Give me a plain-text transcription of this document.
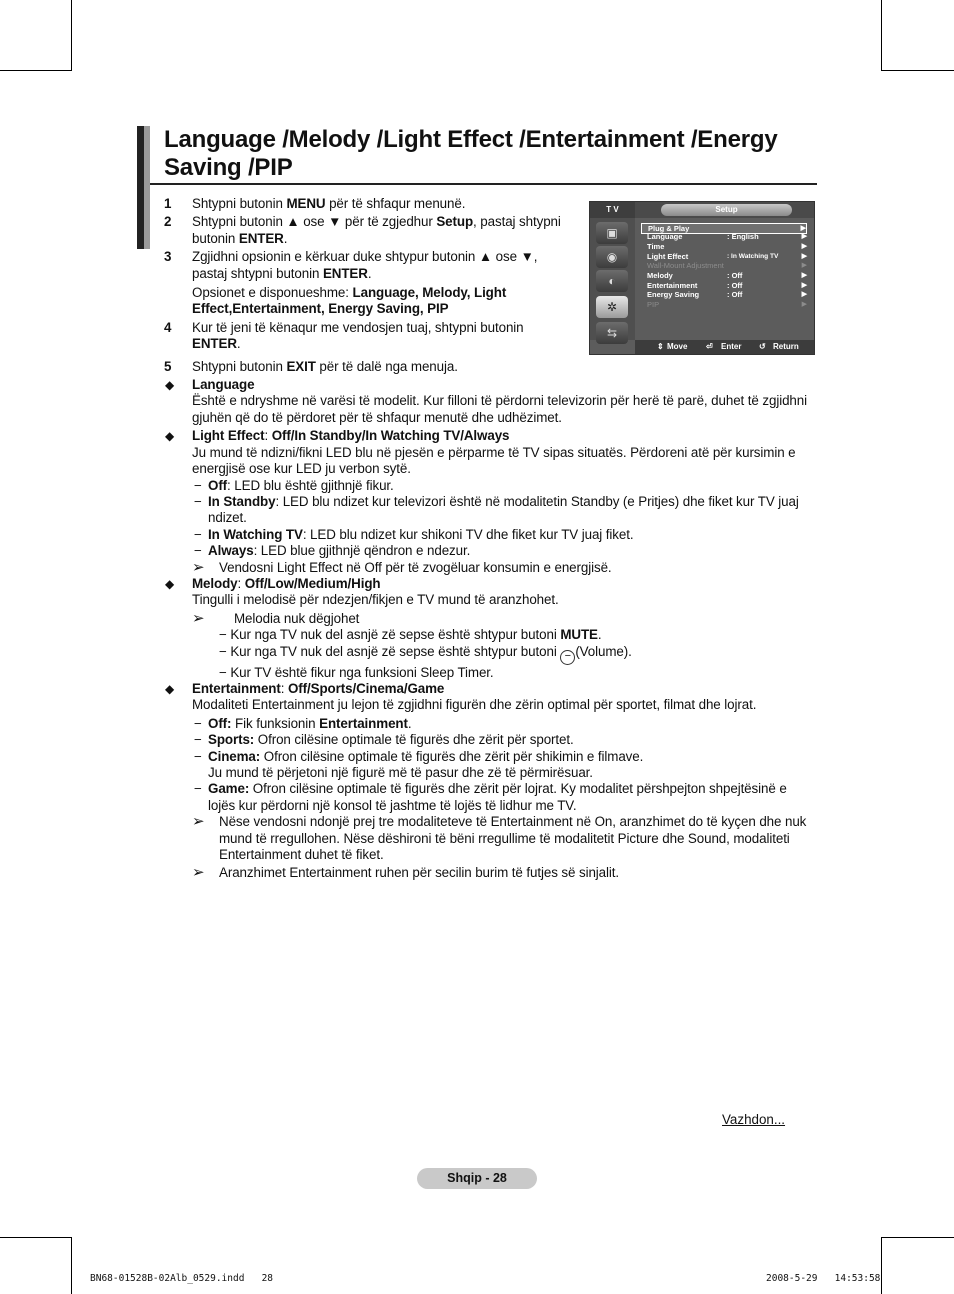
Language /Melody /Light Effect /Entertainment /Energy Saving /PIP
T V	Setup
▣
◉
◐
✲
⇆
Plug & Play	▶
Language	: English	▶
Time	▶
Light Effect	: In Watching TV	▶
Wall-Mount Adjustment	▶
Melody	: Off	▶
Entertainment	: Off	▶
Energy Saving	: Off	▶
PIP	▶
⇕ Move ⏎ Enter ↺ Return
1 Shtypni butonin MENU për të shfaqur menunë.
2 Shtypni butonin ▲ ose ▼ për të zgjedhur Setup, pastaj shtypni butonin ENTER.
3 Zgjidhni opsionin e kërkuar duke shtypur butonin ▲ ose ▼, pastaj shtypni butonin ENTER.
Opsionet e disponueshme: Language, Melody, Light Effect,Entertainment, Energy Saving, PIP
4 Kur të jeni të kënaqur me vendosjen tuaj, shtypni butonin ENTER.
5 Shtypni butonin EXIT për të dalë nga menuja.
◆ Language
Është e ndryshme në varësi të modelit. Kur filloni të përdorni televizorin për herë të parë, duhet të zgjidhni gjuhën që do të përdoret për të shfaqur menutë dhe udhëzimet.
◆ Light Effect: Off/In Standby/In Watching TV/Always
Ju mund të ndizni/fikni LED blu në pjesën e përparme të TV sipas situatës. Përdoreni atë për kursimin e energjisë ose kur LED ju verbon sytë.
− Off: LED blu është gjithnjë fikur.
− In Standby: LED blu ndizet kur televizori është në modalitetin Standby (e Pritjes) dhe fiket kur TV juaj ndizet.
− In Watching TV: LED blu ndizet kur shikoni TV dhe fiket kur TV juaj fiket.
− Always: LED blue gjithnjë qëndron e ndezur.
➢ Vendosni Light Effect në Off për të zvogëluar konsumin e energjisë.
◆ Melody: Off/Low/Medium/High
Tingulli i melodisë për ndezjen/fikjen e TV mund të aranzhohet.
➢ Melodia nuk dëgjohet
− Kur nga TV nuk del asnjë zë sepse është shtypur butoni MUTE.
− Kur nga TV nuk del asnjë zë sepse është shtypur butoni − (Volume).
− Kur TV është fikur nga funksioni Sleep Timer.
◆ Entertainment: Off/Sports/Cinema/Game
Modaliteti Entertainment ju lejon të zgjidhni figurën dhe zërin optimal për sportet, filmat dhe lojrat.
− Off: Fik funksionin Entertainment.
− Sports: Ofron cilësine optimale të figurës dhe zërit për sportet.
− Cinema: Ofron cilësine optimale të figurës dhe zërit për shikimin e filmave.
Ju mund të përjetoni një figurë më të pasur dhe zë të përmirësuar.
− Game: Ofron cilësine optimale të figurës dhe zërit për lojrat. Ky modalitet përshpejton shpejtësinë e lojës kur përdorni një konsol të jashtme të lojës të lidhur me TV.
➢ Nëse vendosni ndonjë prej tre modaliteteve të Entertainment në On, aranzhimet do të kyçen dhe nuk mund të rregullohen. Nëse dëshironi të bëni rregullime të modalitetit Picture dhe Sound, modaliteti Entertainment duhet të fiket.
➢ Aranzhimet Entertainment ruhen për secilin burim të futjes së sinjalit.
Vazhdon...
Shqip - 28
BN68-01528B-02Alb_0529.indd   28	2008-5-29   14:53:58
